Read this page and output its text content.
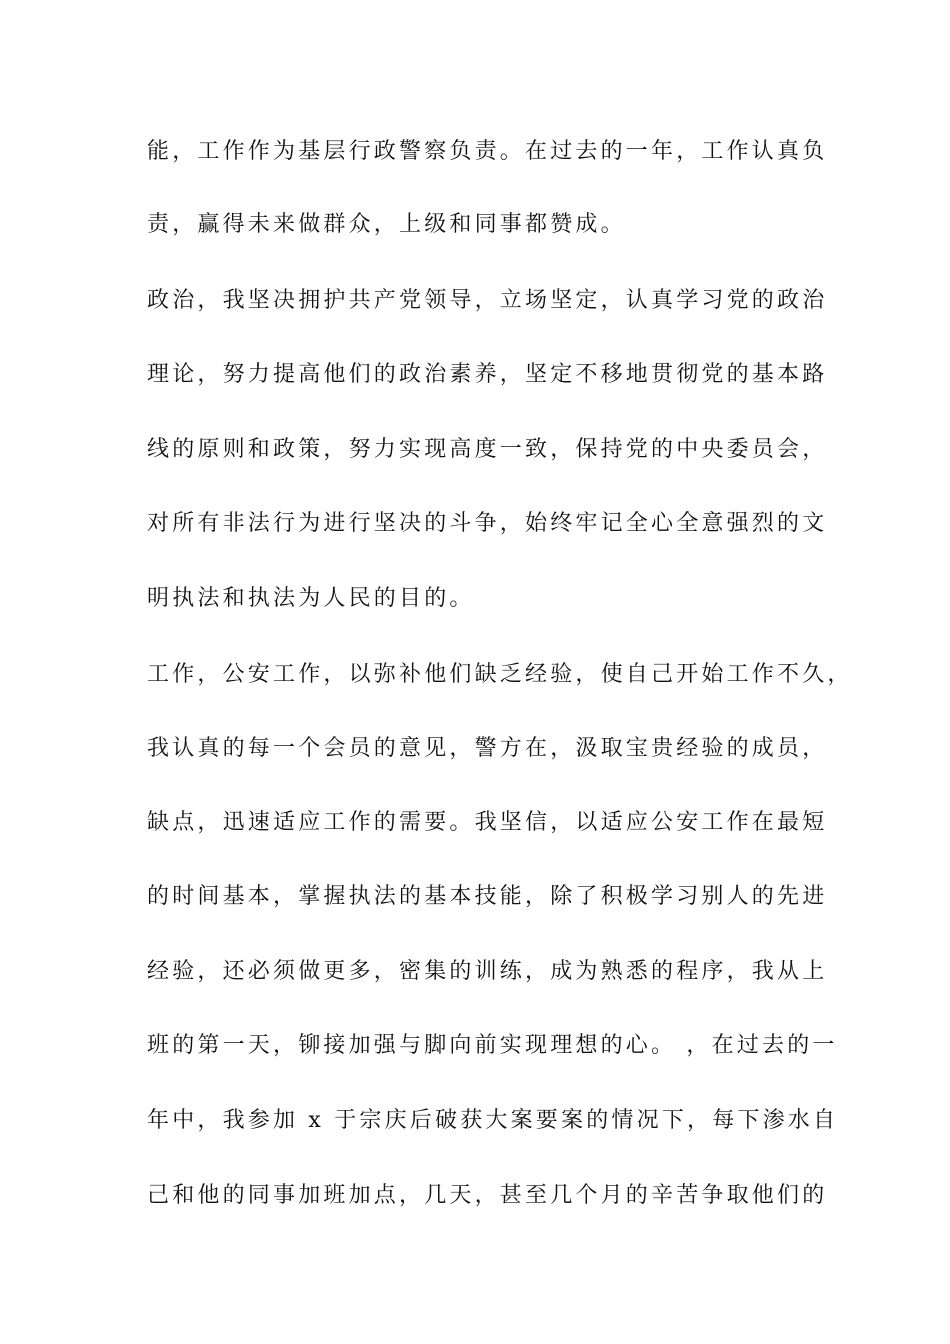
能，工作作为基层行政警察负责。在过去的一年，工作认真负
责，赢得未来做群众，上级和同事都赞成。
政治，我坚决拥护共产党领导，立场坚定，认真学习党的政治
理论，努力提高他们的政治素养，坚定不移地贯彻党的基本路
线的原则和政策，努力实现高度一致，保持党的中央委员会，
对所有非法行为进行坚决的斗争，始终牢记全心全意强烈的文
明执法和执法为人民的目的。
工作，公安工作，以弥补他们缺乏经验，使自己开始工作不久，
我认真的每一个会员的意见，警方在，汲取宝贵经验的成员，
缺点，迅速适应工作的需要。我坚信，以适应公安工作在最短
的时间基本，掌握执法的基本技能，除了积极学习别人的先进
经验，还必须做更多，密集的训练，成为熟悉的程序，我从上
班的第一天，铆接加强与脚向前实现理想的心。 ，在过去的一
年中，我参加 x 于宗庆后破获大案要案的情况下，每下渗水自
己和他的同事加班加点，几天，甚至几个月的辛苦争取他们的
